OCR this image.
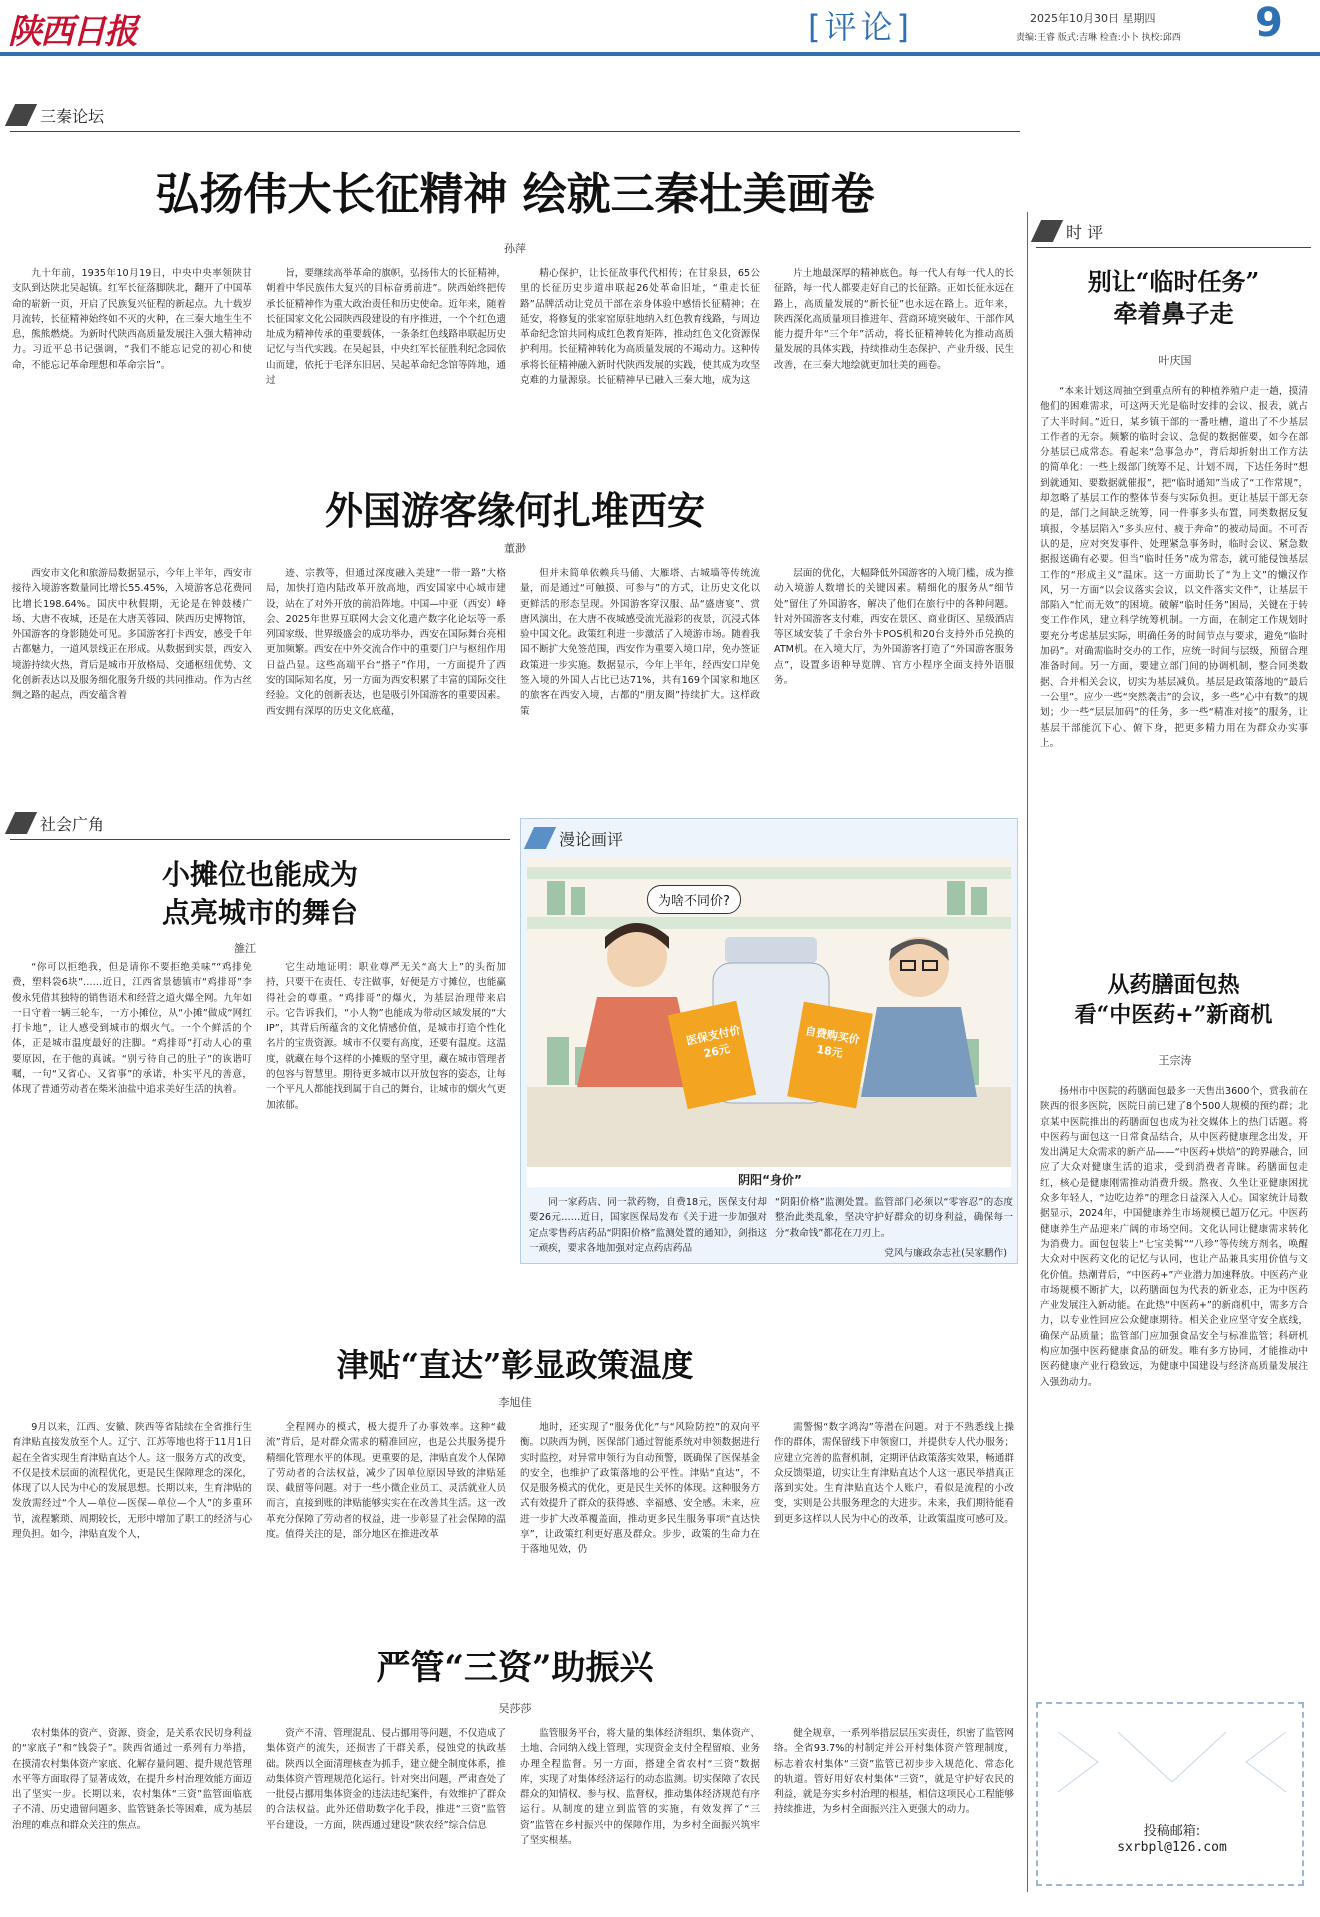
陕西日报	[评论]	2025年10月30日 星期四
责编:王睿 版式:吉琳 检查:小卜 执校:邱西 9
三秦论坛
时 评
社会广角
弘扬伟大长征精神 绘就三秦壮美画卷
孙萍
九十年前，1935年10月19日，中央中央率领陕甘支队到达陕北吴起镇。红军长征落脚陕北，翻开了中国革命的崭新一页，开启了民族复兴征程的新起点。九十载岁月流转，长征精神始终如不灭的火种，在三秦大地生生不息，熊熊燃烧。为新时代陕西高质量发展注入强大精神动力。习近平总书记强调，“我们不能忘记党的初心和使命，不能忘记革命理想和革命宗旨”。
旨，要继续高举革命的旗帜，弘扬伟大的长征精神，朝着中华民族伟大复兴的目标奋勇前进”。陕西始终把传承长征精神作为重大政治责任和历史使命。近年来，随着长征国家文化公园陕西段建设的有序推进，一个个红色遗址成为精神传承的重要载体，一条条红色线路串联起历史记忆与当代实践。在吴起县，中央红军长征胜利纪念园依山而建，依托于毛泽东旧居、吴起革命纪念馆等阵地，通过
精心保护，让长征故事代代相传；在甘泉县，65公里的长征历史步道串联起26处革命旧址，“重走长征路”品牌活动让党员干部在亲身体验中感悟长征精神；在延安，将修复的张家窑原驻地纳入红色教育线路，与周边革命纪念馆共同构成红色教育矩阵，推动红色文化资源保护利用。长征精神转化为高质量发展的不竭动力。这种传承将长征精神融入新时代陕西发展的实践，使其成为攻坚克难的力量源泉。长征精神早已融入三秦大地，成为这
片土地最深厚的精神底色。每一代人有每一代人的长征路，每一代人都要走好自己的长征路。正如长征永远在路上，高质量发展的“新长征”也永远在路上。近年来，陕西深化高质量项目推进年、营商环境突破年、干部作风能力提升年“三个年”活动，将长征精神转化为推动高质量发展的具体实践，持续推动生态保护、产业升级、民生改善，在三秦大地绘就更加壮美的画卷。
外国游客缘何扎堆西安
董渺
西安市文化和旅游局数据显示，今年上半年，西安市接待入境游客数量同比增长55.45%，入境游客总花费同比增长198.64%。国庆中秋假期，无论是在钟鼓楼广场、大唐不夜城，还是在大唐芙蓉园、陕西历史博物馆，外国游客的身影随处可见。多国游客打卡西安，感受千年古都魅力，一道风景线正在形成。从数据到实景，西安入境游持续火热，背后是城市开放格局、交通枢纽优势、文化创新表达以及服务细化服务升级的共同推动。作为古丝绸之路的起点，西安蕴含着
迹、宗教等，但通过深度融入美建“一带一路”大格局，加快打造内陆改革开放高地，西安国家中心城市建设，站在了对外开放的前沿阵地。中国—中亚（西安）峰会、2025年世界互联网大会文化遗产数字化论坛等一系列国家级、世界级盛会的成功举办，西安在国际舞台亮相更加频繁。西安在中外交流合作中的重要门户与枢纽作用日益凸显。这些高端平台“搭子”作用，一方面提升了西安的国际知名度，另一方面为西安积累了丰富的国际交往经验。文化的创新表达，也是吸引外国游客的重要因素。西安拥有深厚的历史文化底蕴，
但并未简单依赖兵马俑、大雁塔、古城墙等传统流量，而是通过“可触摸、可参与”的方式，让历史文化以更鲜活的形态呈现。外国游客穿汉服、品“盛唐宴”、赏唐风演出，在大唐不夜城感受流光溢彩的夜景，沉浸式体验中国文化。政策红利进一步激活了入境游市场。随着我国不断扩大免签范围，西安作为重要入境口岸，免办签证政策进一步实施。数据显示，今年上半年，经西安口岸免签入境的外国人占比已达71%，共有169个国家和地区的旅客在西安入境，古都的“朋友圈”持续扩大。这样政策
层面的优化，大幅降低外国游客的入境门槛，成为推动入境游人数增长的关键因素。精细化的服务从“细节处”留住了外国游客，解决了他们在旅行中的各种问题。针对外国游客支付难，西安在景区、商业街区、星级酒店等区域安装了千余台外卡POS机和20台支持外币兑换的ATM机。在入境大厅，为外国游客打造了“外国游客服务点”，设置多语种导览牌、官方小程序全面支持外语服务。
小摊位也能成为
点亮城市的舞台
雒江
“你可以拒绝我，但是请你不要拒绝美味”“鸡排免费，塑料袋6块”……近日，江西省景德镇市“鸡排哥”李俊永凭借其独特的销售语术和经营之道火爆全网。九年如一日守着一辆三轮车，一方小摊位，从“小摊”做成“网红打卡地”，让人感受到城市的烟火气。一个个鲜活的个体，正是城市温度最好的注脚。“鸡排哥”打动人心的重要原因，在于他的真诚。“别亏待自己的肚子”的诙谐叮嘱，一句“又省心、又省事”的承诺，朴实平凡的善意，体现了普通劳动者在柴米油盐中追求美好生活的执着。
它生动地证明：职业尊严无关“高大上”的头衔加持，只要干在责任、专注做事，好便是方寸摊位，也能赢得社会的尊重。“鸡排哥”的爆火，为基层治理带来启示。它告诉我们，“小人物”也能成为带动区域发展的“大IP”，其背后所蕴含的文化情感价值，是城市打造个性化名片的宝贵资源。城市不仅要有高度，还要有温度。这温度，就藏在每个这样的小摊贩的坚守里，藏在城市管理者的包容与智慧里。期待更多城市以开放包容的姿态，让每一个平凡人都能找到属于自己的舞台，让城市的烟火气更加浓郁。
漫论画评
为啥不同价?
医保支付价26元
自费购买价18元
阴阳“身价”
同一家药店、同一款药物，自费18元，医保支付却要26元……近日，国家医保局发布《关于进一步加强对定点零售药店药品“阴阳价格”监测处置的通知》，剑指这一顽疾，要求各地加强对定点药店药品
“阴阳价格”监测处置。监管部门必须以“零容忍”的态度整治此类乱象，坚决守护好群众的切身利益，确保每一分“救命钱”都花在刀刃上。
党风与廉政杂志社(吴家鹏作)
别让“临时任务”
牵着鼻子走
叶庆国
“本来计划这周抽空到重点所有的种植养殖户走一趟，摸清他们的困难需求，可这两天光是临时安排的会议、报表，就占了大半时间。”近日，某乡镇干部的一番吐槽，道出了不少基层工作者的无奈。频繁的临时会议、急促的数据催要，如今在部分基层已成常态。看起来“急事急办”，背后却折射出工作方法的简单化：一些上级部门统筹不足、计划不周，下达任务时“想到就通知、要数据就催报”，把“临时通知”当成了“工作常规”，却忽略了基层工作的整体节奏与实际负担。更让基层干部无奈的是，部门之间缺乏统筹，同一件事多头布置，同类数据反复填报，令基层陷入“多头应付、疲于奔命”的被动局面。不可否认的是，应对突发事件、处理紧急事务时，临时会议、紧急数据报送确有必要。但当“临时任务”成为常态，就可能侵蚀基层工作的“形成主义”温床。这一方面助长了“为上文”的懒汉作风，另一方面“以会议落实会议，以文件落实文件”，让基层干部陷入“忙而无效”的困境。破解“临时任务”困局，关键在于转变工作作风，建立科学统筹机制。一方面，在制定工作规划时要充分考虑基层实际，明确任务的时间节点与要求，避免“临时加码”。对确需临时交办的工作，应统一时间与层级，预留合理准备时间。另一方面，要建立部门间的协调机制，整合同类数据、合并相关会议，切实为基层减负。基层是政策落地的“最后一公里”。应少一些“突然袭击”的会议，多一些“心中有数”的规划；少一些“层层加码”的任务，多一些“精准对接”的服务，让基层干部能沉下心、俯下身，把更多精力用在为群众办实事上。
从药膳面包热
看“中医药+”新商机
王宗涛
扬州市中医院的药膳面包最多一天售出3600个，赏我前在陕西的很多医院，医院日前已建了8个500人规模的预约群；北京某中医院推出的药膳面包也成为社交媒体上的热门话题。将中医药与面包这一日常食品结合，从中医药健康理念出发，开发出满足大众需求的新产品——“中医药+烘焙”的跨界融合，回应了大众对健康生活的追求，受到消费者青睐。药膳面包走红，核心是健康刚需推动消费升级。熬夜、久坐让亚健康困扰众多年轻人，“边吃边养”的理念日益深入人心。国家统计局数据显示，2024年，中国健康养生市场规模已超万亿元。中医药健康养生产品迎来广阔的市场空间。文化认同让健康需求转化为消费力。面包包装上“七宝美髯”“八珍”等传统方剂名，唤醒大众对中医药文化的记忆与认同，也让产品兼具实用价值与文化价值。热潮背后，“中医药+”产业潜力加速释放。中医药产业市场规模不断扩大，以药膳面包为代表的新业态，正为中医药产业发展注入新动能。在此热“中医药+”的新商机中，需多方合力，以专业性回应公众健康期待。相关企业应坚守安全底线，确保产品质量；监管部门应加强食品安全与标准监管；科研机构应加强中医药健康食品的研发。唯有多方协同，才能推动中医药健康产业行稳致远，为健康中国建设与经济高质量发展注入强劲动力。
津贴“直达”彰显政策温度
李旭佳
9月以来，江西、安徽、陕西等省陆续在全省推行生育津贴直接发放至个人。辽宁、江苏等地也将于11月1日起在全省实现生育津贴直达个人。这一服务方式的改变，不仅是技术层面的流程优化，更是民生保障理念的深化，体现了以人民为中心的发展思想。长期以来，生育津贴的发放需经过“个人—单位—医保—单位—个人”的多重环节，流程繁琐、周期较长，无形中增加了职工的经济与心理负担。如今，津贴直发个人，
全程网办的模式，极大提升了办事效率。这种“截流”背后，是对群众需求的精准回应，也是公共服务提升精细化管理水平的体现。更重要的是，津贴直发个人保障了劳动者的合法权益，减少了因单位原因导致的津贴延误、截留等问题。对于一些小微企业员工、灵活就业人员而言，直接到账的津贴能够实实在在改善其生活。这一改革充分保障了劳动者的权益，进一步彰显了社会保障的温度。值得关注的是，部分地区在推进改革
地时，还实现了“服务优化”与“风险防控”的双向平衡。以陕西为例，医保部门通过智能系统对申领数据进行实时监控，对异常申领行为自动预警，既确保了医保基金的安全，也维护了政策落地的公平性。津贴“直达”，不仅是服务模式的优化，更是民生关怀的体现。这种服务方式有效提升了群众的获得感、幸福感、安全感。未来，应进一步扩大改革覆盖面，推动更多民生服务事项“直达快享”，让政策红利更好惠及群众。步步，政策的生命力在于落地见效，仍
需警惕“数字鸿沟”等潜在问题。对于不熟悉线上操作的群体，需保留线下申领窗口，并提供专人代办服务；应建立完善的监督机制，定期评估政策落实效果，畅通群众反馈渠道，切实让生育津贴直达个人这一惠民举措真正落到实处。生育津贴直达个人账户，看似是流程的小改变，实则是公共服务理念的大进步。未来，我们期待能看到更多这样以人民为中心的改革，让政策温度可感可及。
严管“三资”助振兴
吴莎莎
农村集体的资产、资源、资金，是关系农民切身利益的“家底子”和“钱袋子”。陕西省通过一系列有力举措，在摸清农村集体资产家底、化解存量问题、提升规范管理水平等方面取得了显著成效，在提升乡村治理效能方面迈出了坚实一步。长期以来，农村集体“三资”监管面临底子不清、历史遗留问题多、监管链条长等困难，成为基层治理的难点和群众关注的焦点。
资产不清、管理混乱、侵占挪用等问题，不仅造成了集体资产的流失，还损害了干群关系，侵蚀党的执政基础。陕西以全面清理核查为抓手，建立健全制度体系，推动集体资产管理规范化运行。针对突出问题，严肃查处了一批侵占挪用集体资金的违法违纪案件，有效维护了群众的合法权益。此外还借助数字化手段，推进“三资”监管平台建设，一方面，陕西通过建设“陕农经”综合信息
监管服务平台，将大量的集体经济组织、集体资产、土地、合同纳入线上管理，实现资金支付全程留痕、业务办理全程监督。另一方面，搭建全省农村“三资”数据库，实现了对集体经济运行的动态监测。切实保障了农民群众的知情权、参与权、监督权，推动集体经济规范有序运行。从制度的建立到监管的实施，有效发挥了“三资”监管在乡村振兴中的保障作用，为乡村全面振兴筑牢了坚实根基。
健全规章，一系列举措层层压实责任，织密了监管网络。全省93.7%的村制定并公开村集体资产管理制度，标志着农村集体“三资”监管已初步步入规范化、常态化的轨道。管好用好农村集体“三资”，就是守护好农民的利益，就是夯实乡村治理的根基，相信这项民心工程能够持续推进，为乡村全面振兴注入更强大的动力。
投稿邮箱:
sxrbpl@126.com
